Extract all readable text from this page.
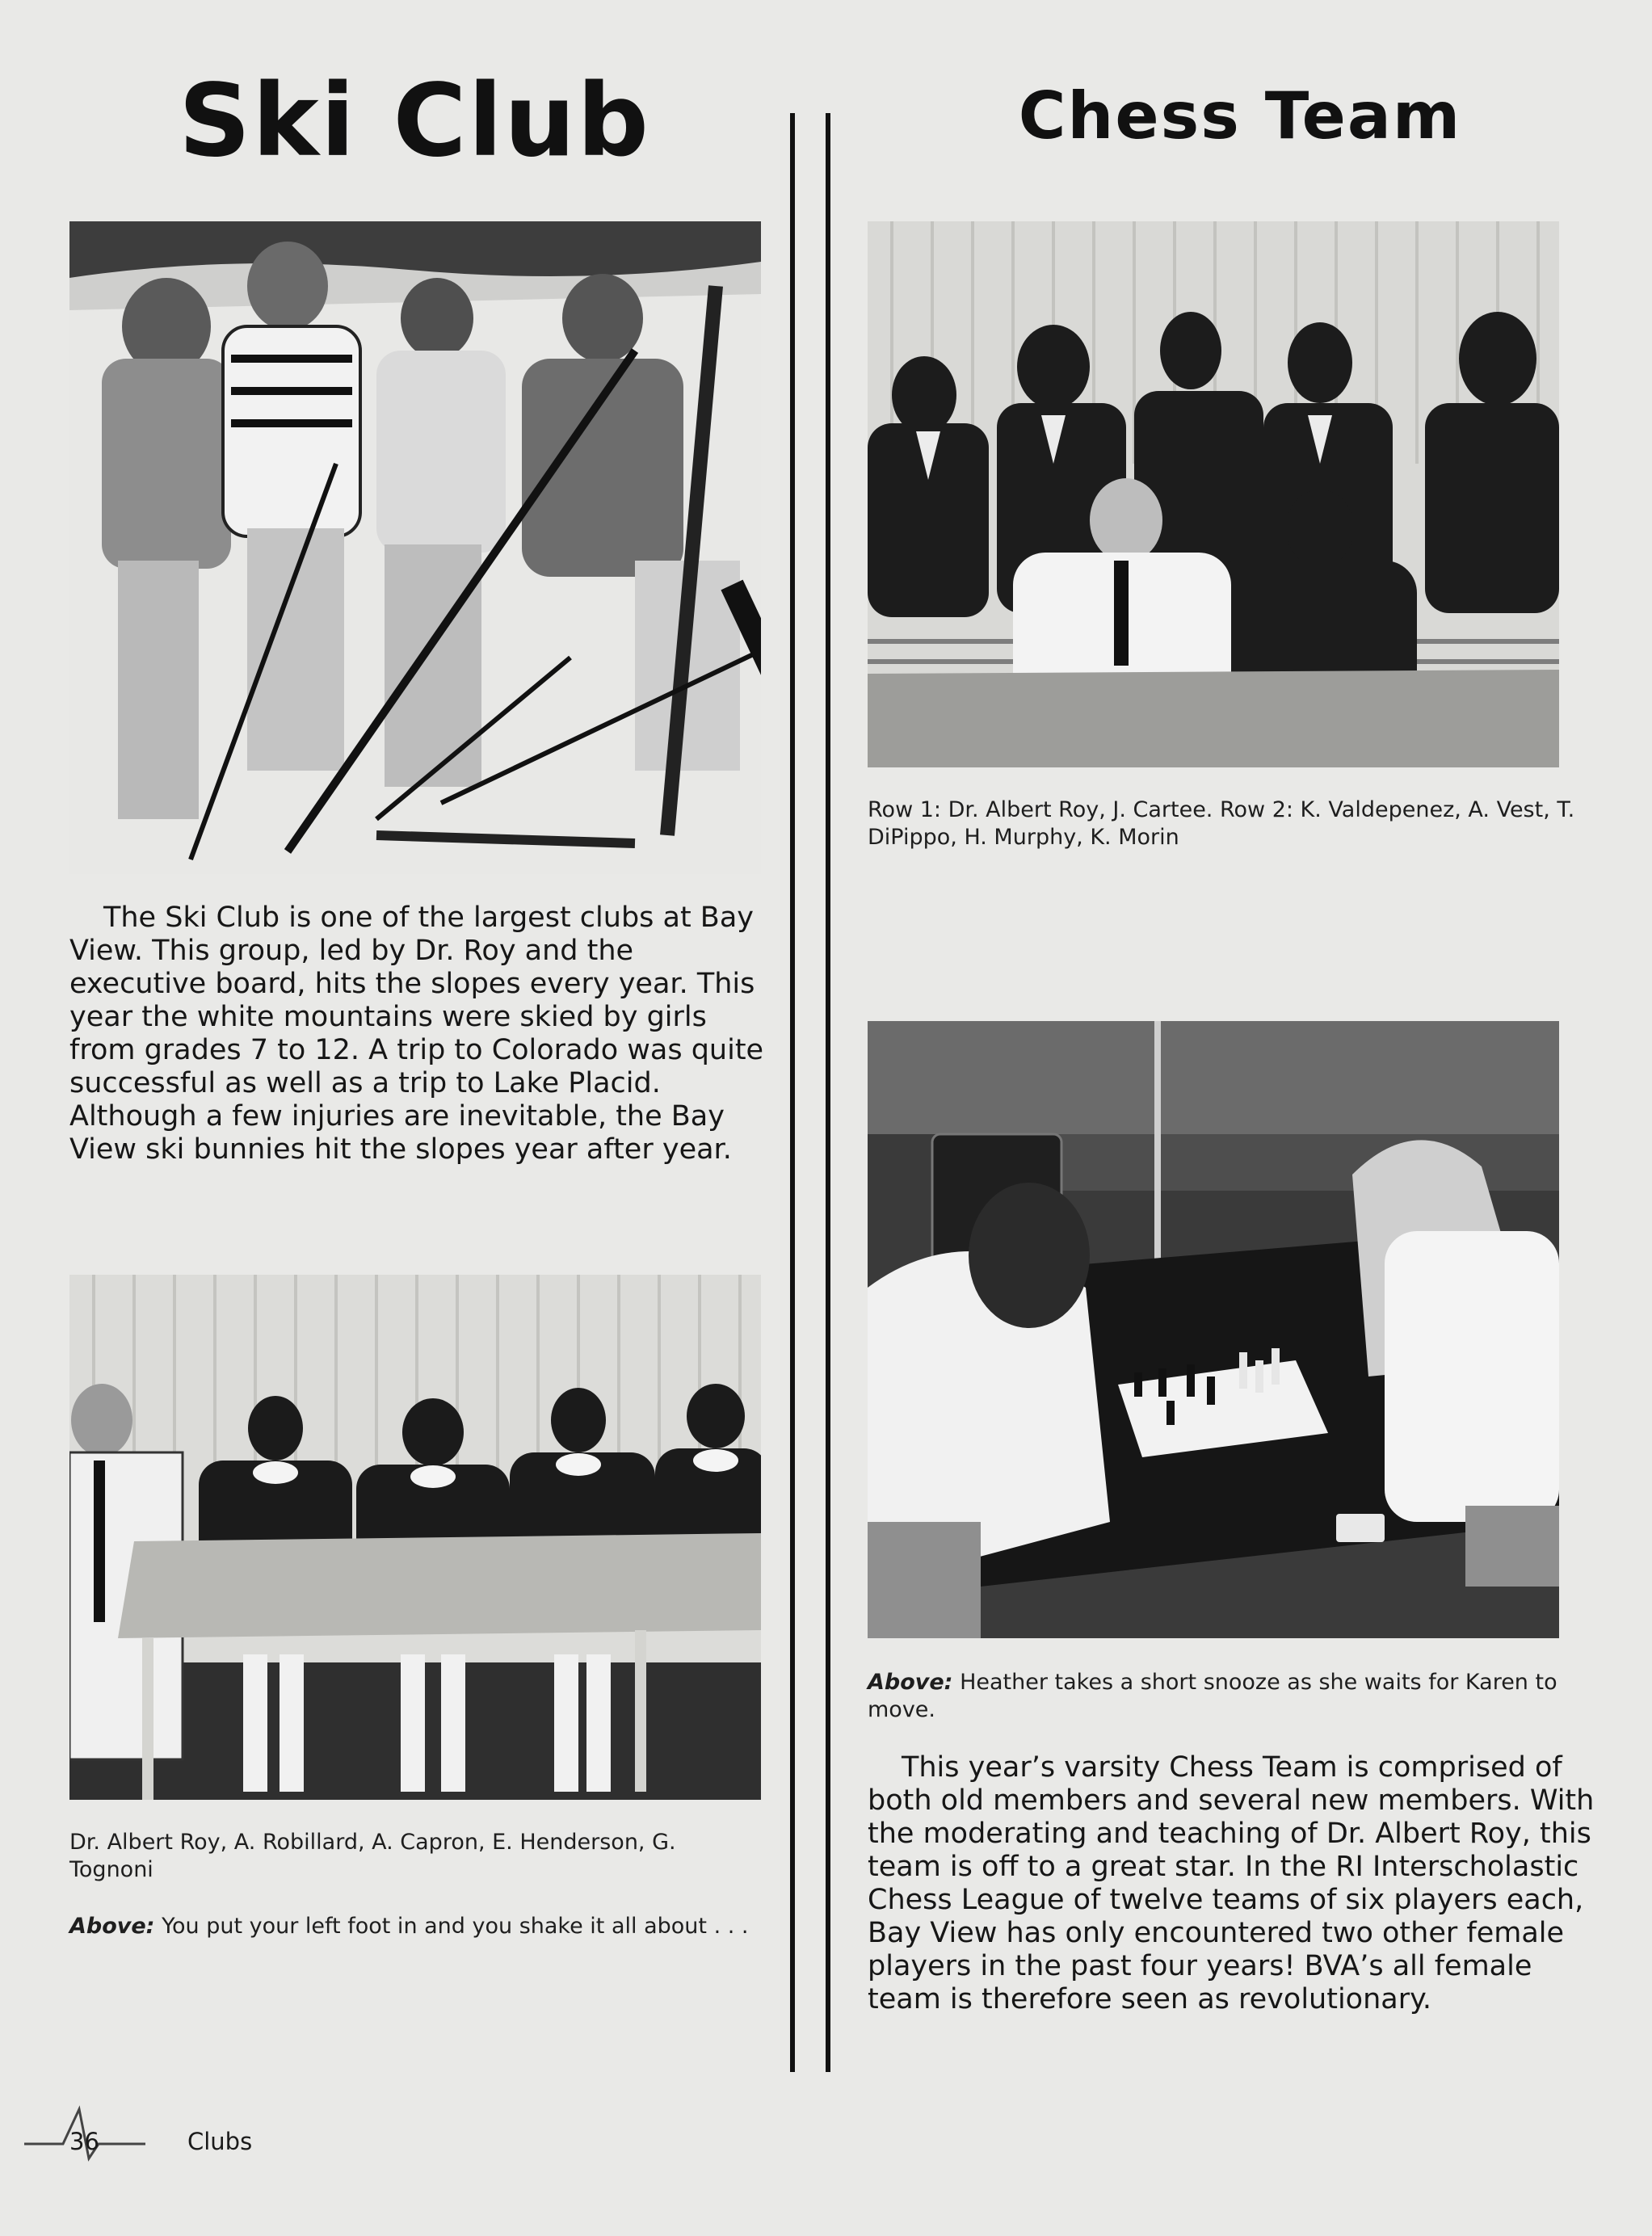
Ski Club	Chess Team
The Ski Club is one of the largest clubs at Bay View. This group, led by Dr. Roy and the executive board, hits the slopes every year. This year the white mountains were skied by girls from grades 7 to 12. A trip to Colorado was quite successful as well as a trip to Lake Placid. Although a few injuries are inevitable, the Bay View ski bunnies hit the slopes year after year.
Dr. Albert Roy, A. Robillard, A. Capron, E. Henderson, G. Tognoni
Above: You put your left foot in and you shake it all about . . .
Row 1: Dr. Albert Roy, J. Cartee. Row 2: K. Valdepenez, A. Vest, T. DiPippo, H. Murphy, K. Morin
Above: Heather takes a short snooze as she waits for Karen to move.
This year’s varsity Chess Team is comprised of both old members and several new members. With the moderating and teaching of Dr. Albert Roy, this team is off to a great star. In the RI Interscholastic Chess League of twelve teams of six players each, Bay View has only encountered two other female players in the past four years! BVA’s all female team is therefore seen as revolutionary.
36	Clubs
